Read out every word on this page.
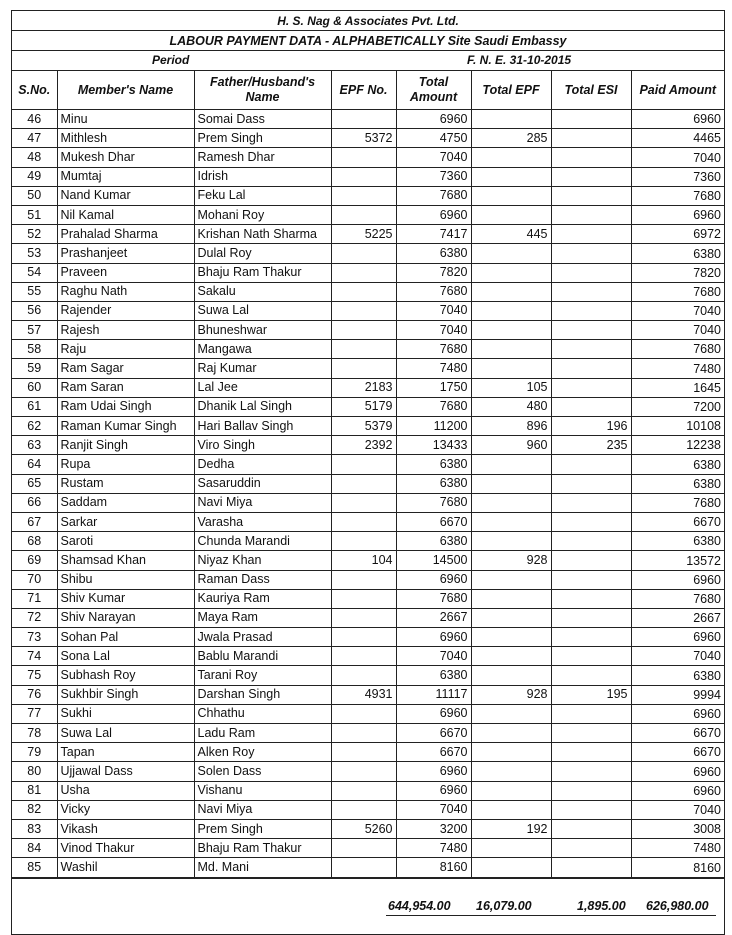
H. S. Nag & Associates Pvt. Ltd.
LABOUR PAYMENT DATA - ALPHABETICALLY Site Saudi Embassy
Period	F. N. E. 31-10-2015
S.No.	Member's Name	Father/Husband's Name	EPF No.	Total Amount	Total EPF	Total ESI	Paid Amount
46	Minu	Somai Dass		6960			6960
47	Mithlesh	Prem Singh	5372	4750	285		4465
48	Mukesh Dhar	Ramesh Dhar		7040			7040
49	Mumtaj	Idrish		7360			7360
50	Nand Kumar	Feku Lal		7680			7680
51	Nil Kamal	Mohani Roy		6960			6960
52	Prahalad Sharma	Krishan Nath Sharma	5225	7417	445		6972
53	Prashanjeet	Dulal Roy		6380			6380
54	Praveen	Bhaju Ram Thakur		7820			7820
55	Raghu Nath	Sakalu		7680			7680
56	Rajender	Suwa Lal		7040			7040
57	Rajesh	Bhuneshwar		7040			7040
58	Raju	Mangawa		7680			7680
59	Ram Sagar	Raj Kumar		7480			7480
60	Ram Saran	Lal Jee	2183	1750	105		1645
61	Ram Udai Singh	Dhanik Lal Singh	5179	7680	480		7200
62	Raman Kumar Singh	Hari Ballav Singh	5379	11200	896	196	10108
63	Ranjit Singh	Viro Singh	2392	13433	960	235	12238
64	Rupa	Dedha		6380			6380
65	Rustam	Sasaruddin		6380			6380
66	Saddam	Navi Miya		7680			7680
67	Sarkar	Varasha		6670			6670
68	Saroti	Chunda Marandi		6380			6380
69	Shamsad Khan	Niyaz Khan	104	14500	928		13572
70	Shibu	Raman Dass		6960			6960
71	Shiv Kumar	Kauriya Ram		7680			7680
72	Shiv Narayan	Maya Ram		2667			2667
73	Sohan Pal	Jwala Prasad		6960			6960
74	Sona Lal	Bablu Marandi		7040			7040
75	Subhash Roy	Tarani Roy		6380			6380
76	Sukhbir Singh	Darshan Singh	4931	11117	928	195	9994
77	Sukhi	Chhathu		6960			6960
78	Suwa Lal	Ladu Ram		6670			6670
79	Tapan	Alken Roy		6670			6670
80	Ujjawal Dass	Solen Dass		6960			6960
81	Usha	Vishanu		6960			6960
82	Vicky	Navi Miya		7040			7040
83	Vikash	Prem Singh	5260	3200	192		3008
84	Vinod Thakur	Bhaju Ram Thakur		7480			7480
85	Washil	Md. Mani		8160			8160
644,954.00 16,079.00	1,895.00 626,980.00
